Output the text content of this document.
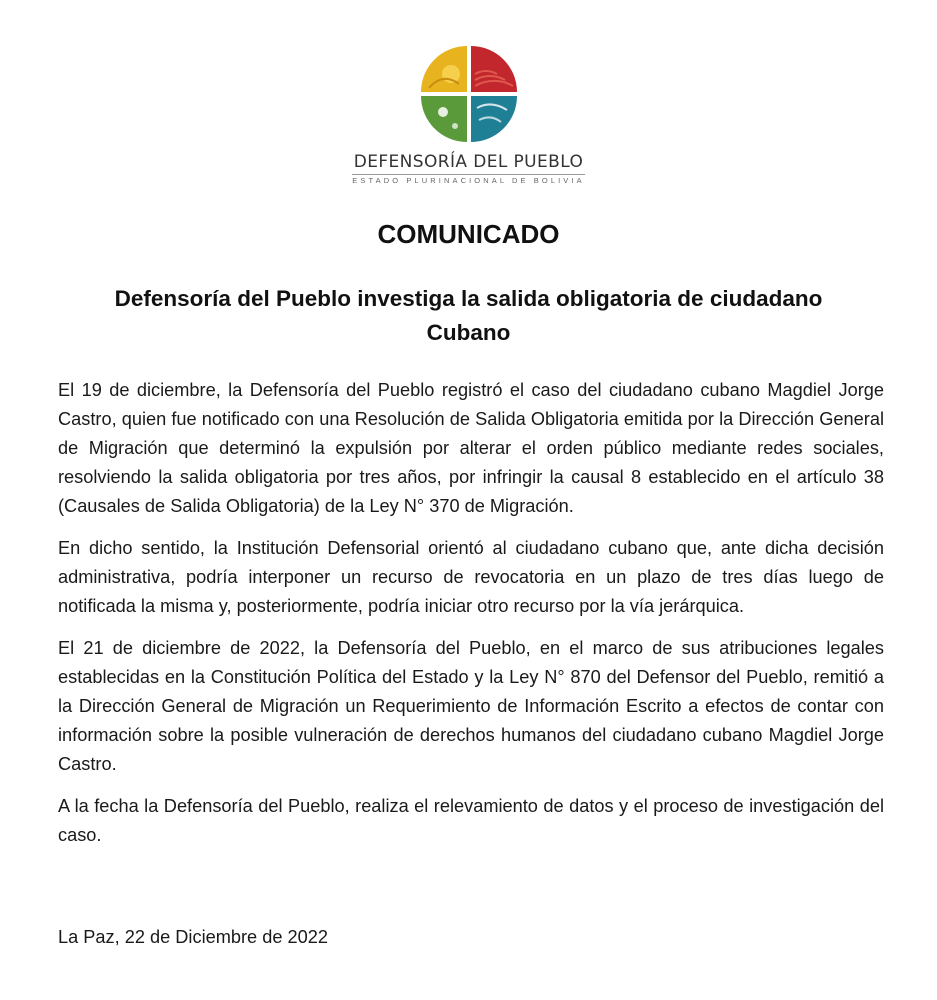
DEFENSORÍA DEL PUEBLO
ESTADO PLURINACIONAL DE BOLIVIA
COMUNICADO
Defensoría del Pueblo investiga la salida obligatoria de ciudadano Cubano

El 19 de diciembre, la Defensoría del Pueblo registró el caso del ciudadano cubano Magdiel Jorge Castro, quien fue notificado con una Resolución de Salida Obligatoria emitida por la Dirección General de Migración que determinó la expulsión por alterar el orden público mediante redes sociales, resolviendo la salida obligatoria por tres años, por infringir la causal 8 establecido en el artículo 38 (Causales de Salida Obligatoria) de la Ley N° 370 de Migración.

En dicho sentido, la Institución Defensorial orientó al ciudadano cubano que, ante dicha decisión administrativa, podría interponer un recurso de revocatoria en un plazo de tres días luego de notificada la misma y, posteriormente, podría iniciar otro recurso por la vía jerárquica.

El 21 de diciembre de 2022, la Defensoría del Pueblo, en el marco de sus atribuciones legales establecidas en la Constitución Política del Estado y la Ley N° 870 del Defensor del Pueblo, remitió a la Dirección General de Migración un Requerimiento de Información Escrito a efectos de contar con información sobre la posible vulneración de derechos humanos del ciudadano cubano Magdiel Jorge Castro.

A la fecha la Defensoría del Pueblo, realiza el relevamiento de datos y el proceso de investigación del caso.

La Paz, 22 de Diciembre de 2022
